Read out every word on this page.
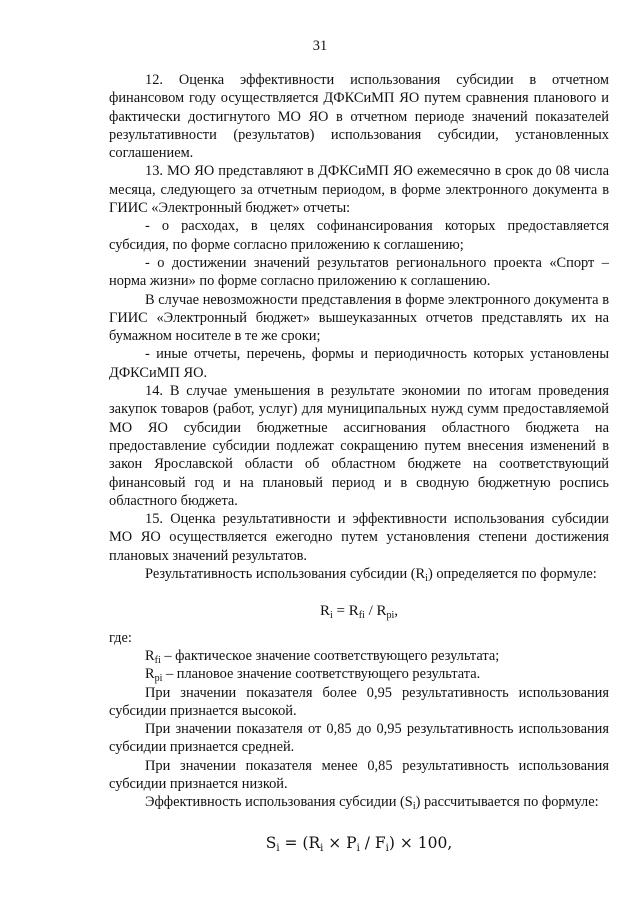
31

12. Оценка эффективности использования субсидии в отчетном финансовом году осуществляется ДФКСиМП ЯО путем сравнения планового и фактически достигнутого МО ЯО в отчетном периоде значений показателей результативности (результатов) использования субсидии, установленных соглашением.

13. МО ЯО представляют в ДФКСиМП ЯО ежемесячно в срок до 08 числа месяца, следующего за отчетным периодом, в форме электронного документа в ГИИС «Электронный бюджет» отчеты:

- о расходах, в целях софинансирования которых предоставляется субсидия, по форме согласно приложению к соглашению;

- о достижении значений результатов регионального проекта «Спорт – норма жизни» по форме согласно приложению к соглашению.

В случае невозможности представления в форме электронного документа в ГИИС «Электронный бюджет» вышеуказанных отчетов представлять их на бумажном носителе в те же сроки;

- иные отчеты, перечень, формы и периодичность которых установлены ДФКСиМП ЯО.

14. В случае уменьшения в результате экономии по итогам проведения закупок товаров (работ, услуг) для муниципальных нужд сумм предоставляемой МО ЯО субсидии бюджетные ассигнования областного бюджета на предоставление субсидии подлежат сокращению путем внесения изменений в закон Ярославской области об областном бюджете на соответствующий финансовый год и на плановый период и в сводную бюджетную роспись областного бюджета.

15. Оценка результативности и эффективности использования субсидии МО ЯО осуществляется ежегодно путем установления степени достижения плановых значений результатов.

Результативность использования субсидии $(R_i)$ определяется по формуле:

$R_i = R_{fi} / R_{pi}$,

где:

$R_{fi}$ – фактическое значение соответствующего результата;

$R_{pi}$ – плановое значение соответствующего результата.

При значении показателя более 0,95 результативность использования субсидии признается высокой.

При значении показателя от 0,85 до 0,95 результативность использования субсидии признается средней.

При значении показателя менее 0,85 результативность использования субсидии признается низкой.

Эффективность использования субсидии $(S_i)$ рассчитывается по формуле:

$S_i = (R_i \times P_i / F_i) \times 100$,
